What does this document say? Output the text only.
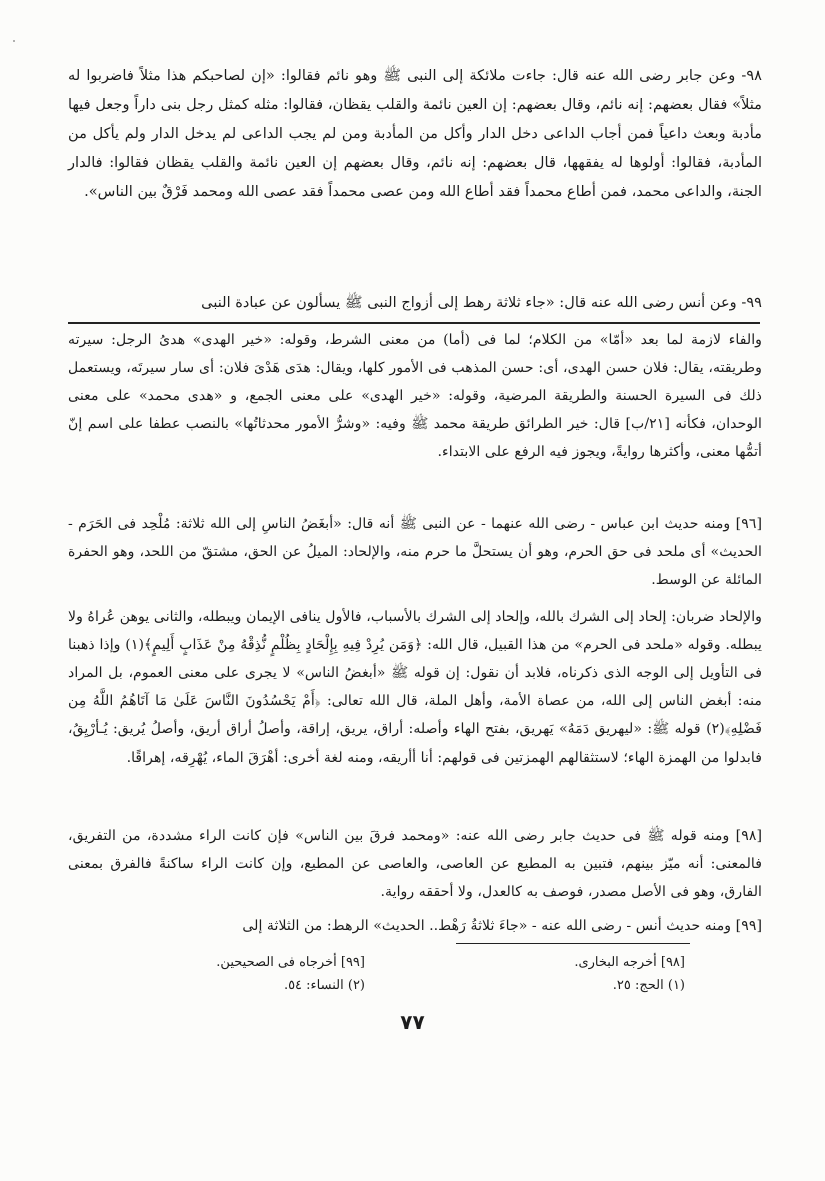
٩٨- وعن جابر رضى الله عنه قال: جاءت ملائكة إلى النبى ﷺ وهو نائم فقالوا: «إن لصاحبكم هذا مثلاً فاضربوا له مثلاً» فقال بعضهم: إنه نائم، وقال بعضهم: إن العين نائمة والقلب يقظان، فقالوا: مثله كمثل رجل بنى داراً وجعل فيها مأدبة وبعث داعياً فمن أجاب الداعى دخل الدار وأكل من المأدبة ومن لم يجب الداعى لم يدخل الدار ولم يأكل من المأدبة، فقالوا: أولوها له يفقهها، قال بعضهم: إنه نائم، وقال بعضهم إن العين نائمة والقلب يقظان فقالوا: فالدار الجنة، والداعى محمد، فمن أطاع محمداً فقد أطاع الله ومن عصى محمداً فقد عصى الله ومحمد فَرْقٌ بين الناس».

٩٩- وعن أنس رضى الله عنه قال: «جاء ثلاثة رهط إلى أزواج النبى ﷺ يسألون عن عبادة النبى

والفاء لازمة لما بعد «أمّا» من الكلام؛ لما فى (أما) من معنى الشرط، وقوله: «خير الهدى» هدىُ الرجل: سيرته وطريقته، يقال: فلان حسن الهدى، أى: حسن المذهب فى الأمور كلها، ويقال: هدَى هَدْىَ فلان: أى سار سيرتَه، ويستعمل ذلك فى السيرة الحسنة والطريقة المرضية، وقوله: «خير الهدى» على معنى الجمع، و «هدى محمد» على معنى الوحدان، فكأنه [٢١/ب] قال: خير الطرائق طريقة محمد ﷺ وفيه: «وشرُّ الأمور محدثاتُها» بالنصب عطفا على اسم إنّ أتمُّها معنى، وأكثرها روايةً، ويجوز فيه الرفع على الابتداء.

[٩٦] ومنه حديث ابن عباس - رضى الله عنهما - عن النبى ﷺ أنه قال: «أبغَضُ الناسِ إلى الله ثلاثة: مُلْحِد فى الحَرَم - الحديث» أى ملحد فى حق الحرم، وهو أن يستحلَّ ما حرم منه، والإلحاد: الميلُ عن الحق، مشتقّ من اللحد، وهو الحفرة المائلة عن الوسط.

والإلحاد ضربان: إلحاد إلى الشرك بالله، وإلحاد إلى الشرك بالأسباب، فالأول ينافى الإيمان ويبطله، والثانى يوهن عُراهُ ولا يبطله. وقوله «ملحد فى الحرم» من هذا القبيل، قال الله: ﴿وَمَن يُرِدْ فِيهِ بِإِلْحَادٍ بِظُلْمٍ نُّذِقْهُ مِنْ عَذَابٍ أَلِيمٍ﴾(١) وإذا ذهبنا فى التأويل إلى الوجه الذى ذكرناه، فلابد أن نقول: إن قوله ﷺ «أبغضُ الناس» لا يجرى على معنى العموم، بل المراد منه: أبغض الناس إلى الله، من عصاة الأمة، وأهل الملة، قال الله تعالى: ﴿أَمْ يَحْسُدُونَ النَّاسَ عَلَىٰ مَا آتَاهُمُ اللَّهُ مِن فَضْلِهِ﴾(٢) قوله ﷺ: «ليهريق دَمَهُ» يَهريق، بفتح الهاء وأصله: أراق، يريق، إراقة، وأصلُ أراق أريق، وأصلُ يُريق: يُـأرْيِقُ، فابدلوا من الهمزة الهاء؛ لاستثقالهم الهمزتين فى قولهم: أنا أأريقه، ومنه لغة أخرى: أهْرَقَ الماء، يُهْرِقه، إهراقًا.

[٩٨] ومنه قوله ﷺ فى حديث جابر رضى الله عنه: «ومحمد فرقَ بين الناس» فإن كانت الراء مشددة، من التفريق، فالمعنى: أنه ميّز بينهم، فتبين به المطيع عن العاصى، والعاصى عن المطيع، وإن كانت الراء ساكنةً فالفرق بمعنى الفارق، وهو فى الأصل مصدر، فوصف به كالعدل، ولا أحققه رواية.

[٩٩] ومنه حديث أنس - رضى الله عنه - «جاءَ ثلاثةُ رَهْط.. الحديث» الرهط: من الثلاثة إلى

[٩٨] أخرجه البخارى.
[٩٩] أخرجاه فى الصحيحين.
(١) الحج: ٢٥.
(٢) النساء: ٥٤.
٧٧
